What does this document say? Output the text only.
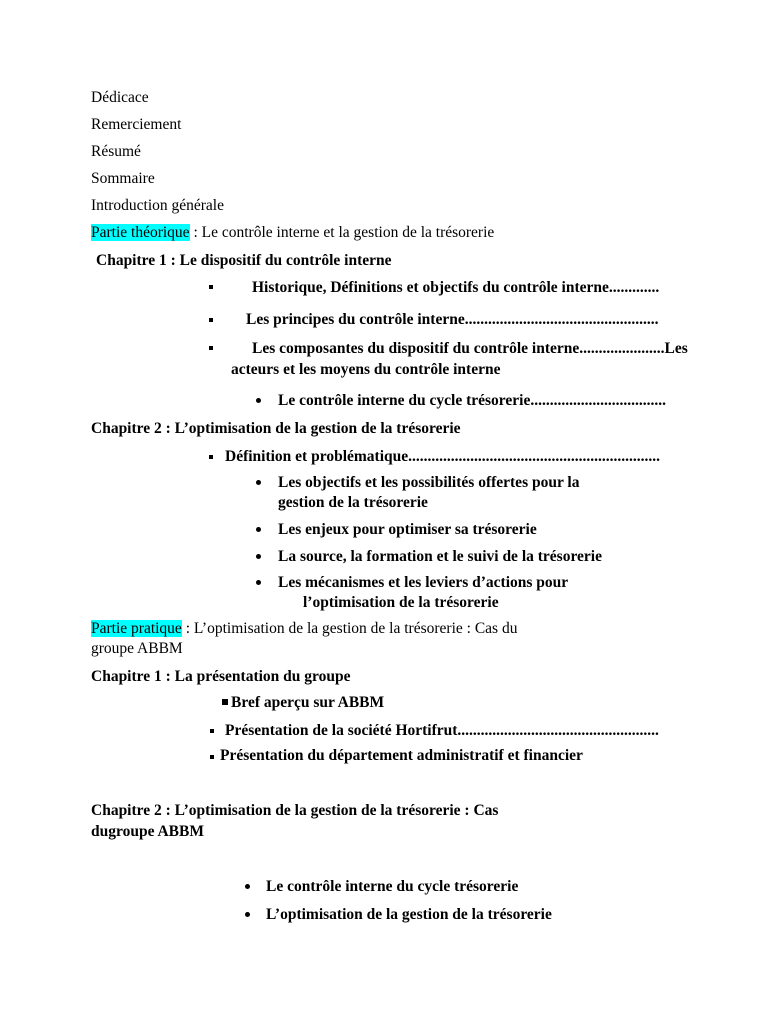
Dédicace
Remerciement
Résumé
Sommaire
Introduction générale
Partie théorique : Le contrôle interne et la gestion de la trésorerie
Chapitre 1 : Le dispositif du contrôle interne
Historique, Définitions et objectifs du contrôle interne.............
Les principes du contrôle interne..................................................
Les composantes du dispositif du contrôle interne......................Les
acteurs et les moyens du contrôle interne
Le contrôle interne du cycle trésorerie...................................
Chapitre 2 : L’optimisation de la gestion de la trésorerie
Définition et problématique.................................................................
Les objectifs et les possibilités offertes pour la
gestion de la trésorerie
Les enjeux pour optimiser sa trésorerie
La source, la formation et le suivi de la trésorerie
Les mécanismes et les leviers d’actions pour
l’optimisation de la trésorerie
Partie pratique : L’optimisation de la gestion de la trésorerie : Cas du
groupe ABBM
Chapitre 1 : La présentation du groupe
Bref aperçu sur ABBM
Présentation de la société Hortifrut....................................................
Présentation du département administratif et financier
Chapitre 2 : L’optimisation de la gestion de la trésorerie : Cas
dugroupe ABBM
Le contrôle interne du cycle trésorerie
L’optimisation de la gestion de la trésorerie
